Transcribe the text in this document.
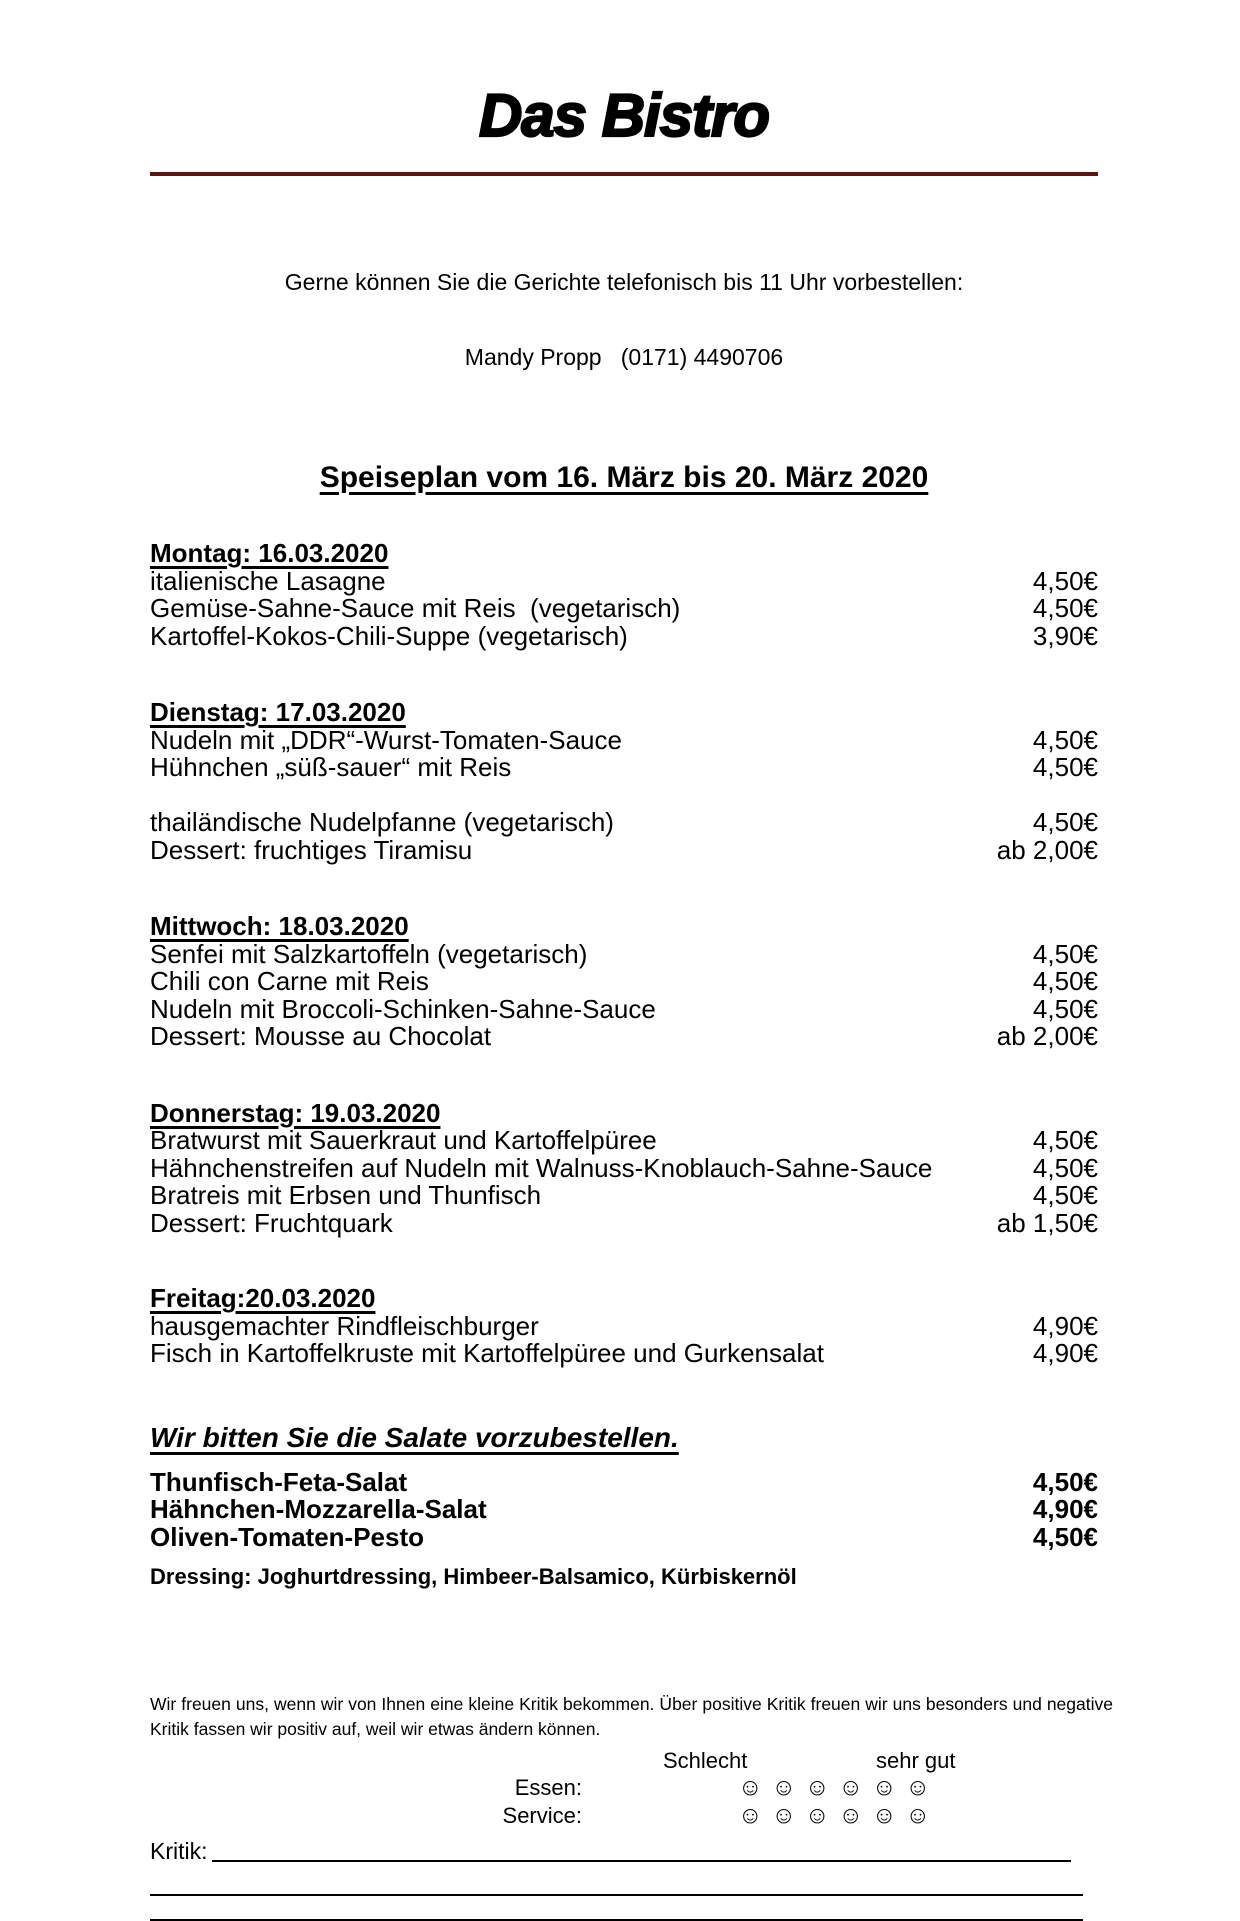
Das Bistro

Gerne können Sie die Gerichte telefonisch bis 11 Uhr vorbestellen:

Mandy Propp   (0171) 4490706

Speiseplan vom 16. März bis 20. März 2020
Montag: 16.03.2020
italienische Lasagne	4,50€
Gemüse-Sahne-Sauce mit Reis  (vegetarisch)	4,50€
Kartoffel-Kokos-Chili-Suppe (vegetarisch)	3,90€
Dienstag: 17.03.2020
Nudeln mit „DDR“-Wurst-Tomaten-Sauce	4,50€
Hühnchen „süß-sauer“ mit Reis	4,50€
thailändische Nudelpfanne (vegetarisch)	4,50€
Dessert: fruchtiges Tiramisu	ab 2,00€
Mittwoch: 18.03.2020
Senfei mit Salzkartoffeln (vegetarisch)	4,50€
Chili con Carne mit Reis	4,50€
Nudeln mit Broccoli-Schinken-Sahne-Sauce	4,50€
Dessert: Mousse au Chocolat	ab 2,00€
Donnerstag: 19.03.2020
Bratwurst mit Sauerkraut und Kartoffelpüree	4,50€
Hähnchenstreifen auf Nudeln mit Walnuss-Knoblauch-Sahne-Sauce	4,50€
Bratreis mit Erbsen und Thunfisch	4,50€
Dessert: Fruchtquark	ab 1,50€
Freitag:20.03.2020
hausgemachter Rindfleischburger	4,90€
Fisch in Kartoffelkruste mit Kartoffelpüree und Gurkensalat	4,90€
Wir bitten Sie die Salate vorzubestellen.
Thunfisch-Feta-Salat	4,50€
Hähnchen-Mozzarella-Salat	4,90€
Oliven-Tomaten-Pesto	4,50€
Dressing: Joghurtdressing, Himbeer-Balsamico, Kürbiskernöl
Wir freuen uns, wenn wir von Ihnen eine kleine Kritik bekommen. Über positive Kritik freuen wir uns besonders und negative Kritik fassen wir positiv auf, weil wir etwas ändern können.
Schlecht	sehr gut
Essen:	☺☺☺☺☺☺
Service:	☺☺☺☺☺☺
Kritik:
